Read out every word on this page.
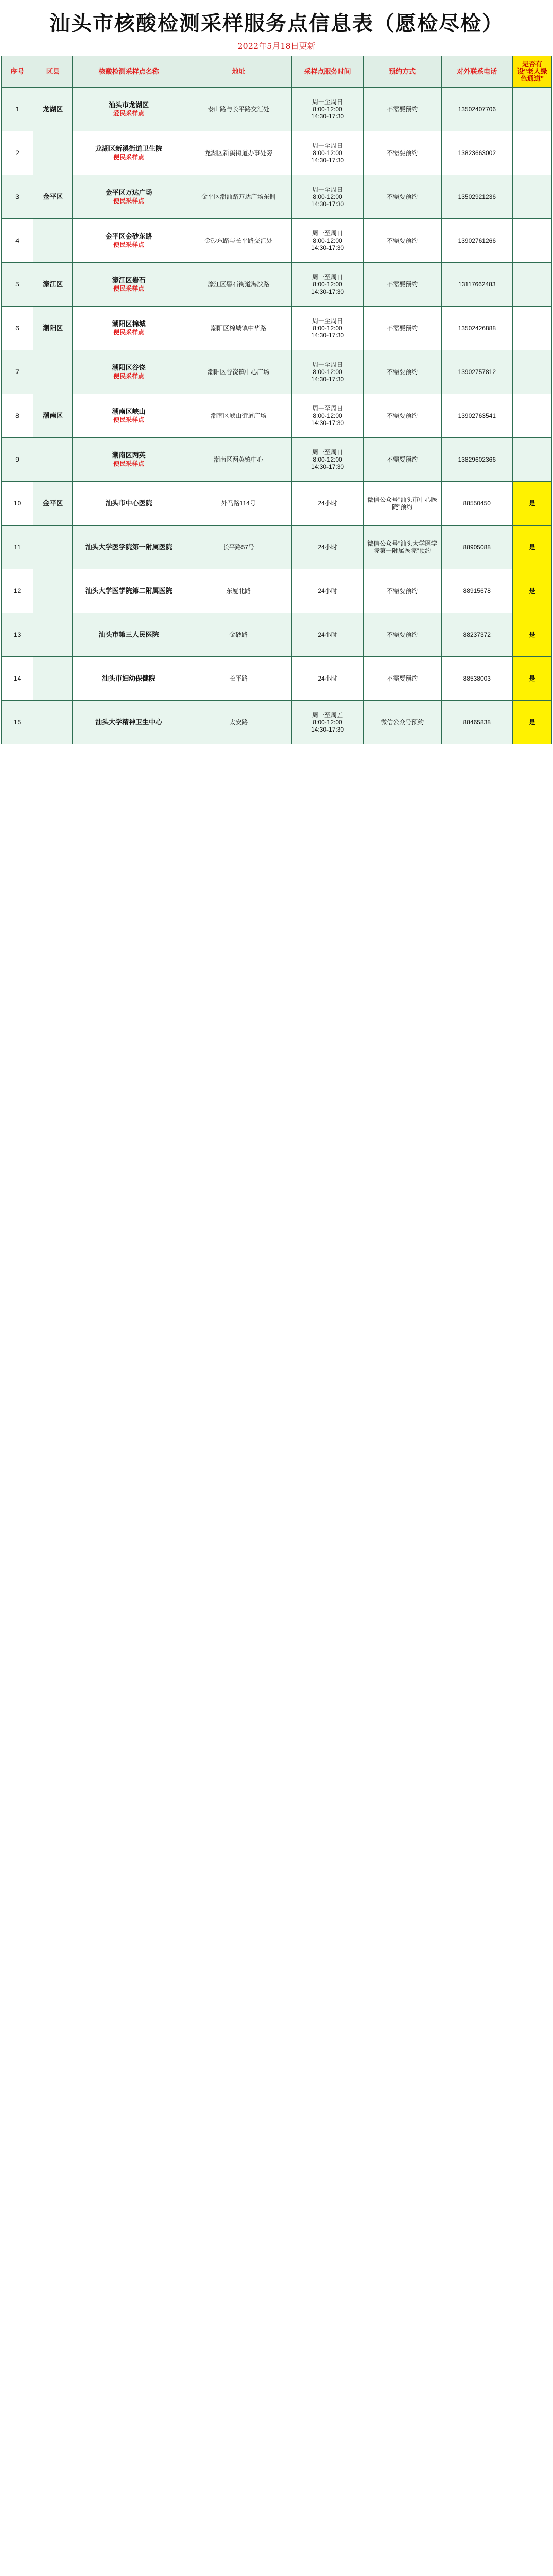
汕头市核酸检测采样服务点信息表（愿检尽检）
2022年5月18日更新
序号	区县	核酸检测采样点名称	地址	采样点服务时间	预约方式	对外联系电话	是否有设"老人绿色通道"
1	龙湖区	汕头市龙湖区
爱民采样点	泰山路与长平路交汇处	周一至周日
8:00-12:00
14:30-17:30	不需要预约	13502407706	
2		龙湖区新溪街道卫生院
便民采样点	龙湖区新溪街道办事处旁	周一至周日
8:00-12:00
14:30-17:30	不需要预约	13823663002	
3	金平区	金平区万达广场
便民采样点	金平区潮汕路万达广场东侧	周一至周日
8:00-12:00
14:30-17:30	不需要预约	13502921236	
4		金平区金砂东路
便民采样点	金砂东路与长平路交汇处	周一至周日
8:00-12:00
14:30-17:30	不需要预约	13902761266	
5	濠江区	濠江区礐石
便民采样点	濠江区礐石街道海滨路	周一至周日
8:00-12:00
14:30-17:30	不需要预约	13117662483	
6	潮阳区	潮阳区棉城
便民采样点	潮阳区棉城镇中华路	周一至周日
8:00-12:00
14:30-17:30	不需要预约	13502426888	
7		潮阳区谷饶
便民采样点	潮阳区谷饶镇中心广场	周一至周日
8:00-12:00
14:30-17:30	不需要预约	13902757812	
8	潮南区	潮南区峡山
便民采样点	潮南区峡山街道广场	周一至周日
8:00-12:00
14:30-17:30	不需要预约	13902763541	
9		潮南区两英
便民采样点	潮南区两英镇中心	周一至周日
8:00-12:00
14:30-17:30	不需要预约	13829602366	
10	金平区	汕头市中心医院	外马路114号	24小时	微信公众号"汕头市中心医院"预约	88550450	是
11		汕头大学医学院第一附属医院	长平路57号	24小时	微信公众号"汕头大学医学院第一附属医院"预约	88905088	是
12		汕头大学医学院第二附属医院	东厦北路	24小时	不需要预约	88915678	是
13		汕头市第三人民医院	金砂路	24小时	不需要预约	88237372	是
14		汕头市妇幼保健院	长平路	24小时	不需要预约	88538003	是
15		汕头大学精神卫生中心	太安路	周一至周五
8:00-12:00
14:30-17:30	微信公众号预约	88465838	是
